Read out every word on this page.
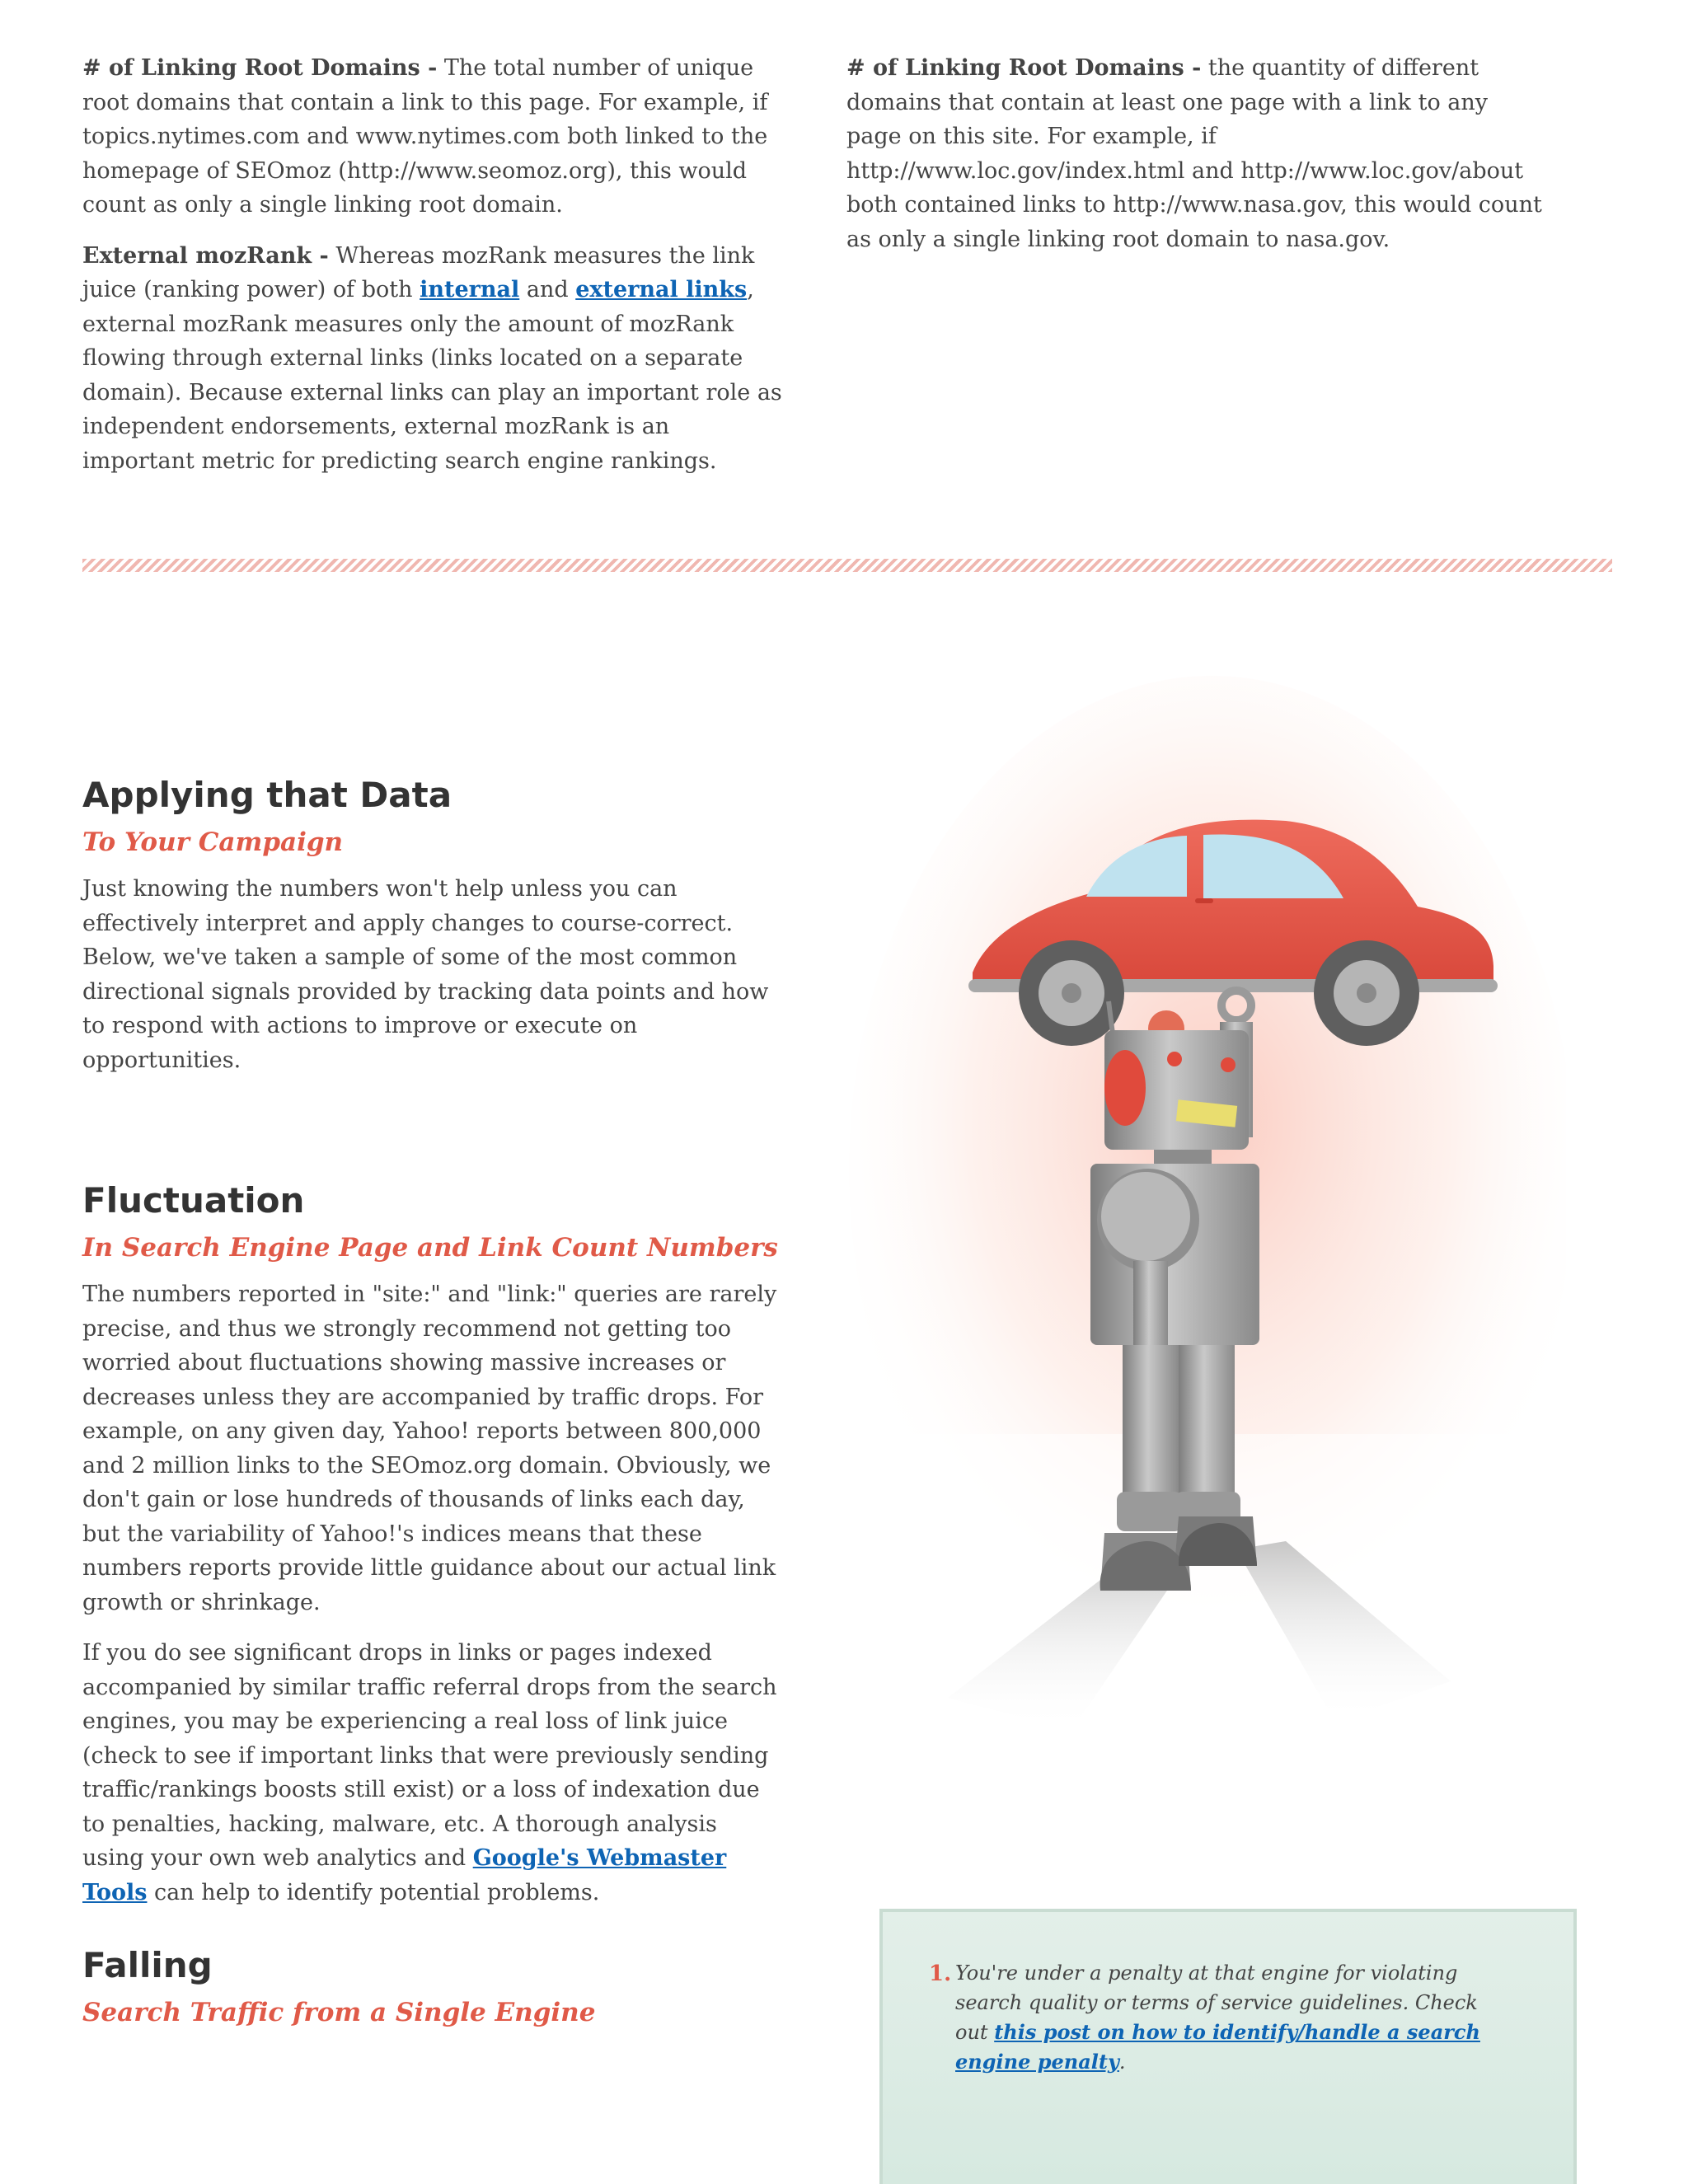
# of Linking Root Domains - The total number of unique root domains that contain a link to this page. For example, if topics.nytimes.com and www.nytimes.com both linked to the homepage of SEOmoz (http://www.seomoz.org), this would count as only a single linking root domain.

External mozRank - Whereas mozRank measures the link juice (ranking power) of both internal and external links, external mozRank measures only the amount of mozRank flowing through external links (links located on a separate domain). Because external links can play an important role as independent endorsements, external mozRank is an important metric for predicting search engine rankings.

# of Linking Root Domains - the quantity of different domains that contain at least one page with a link to any page on this site. For example, if http://www.loc.gov/index.html and http://www.loc.gov/about both contained links to http://www.nasa.gov, this would count as only a single linking root domain to nasa.gov.

Applying that Data
To Your Campaign

Just knowing the numbers won't help unless you can effectively interpret and apply changes to course-correct. Below, we've taken a sample of some of the most common directional signals provided by tracking data points and how to respond with actions to improve or execute on opportunities.

Fluctuation
In Search Engine Page and Link Count Numbers

The numbers reported in "site:" and "link:" queries are rarely precise, and thus we strongly recommend not getting too worried about fluctuations showing massive increases or decreases unless they are accompanied by traffic drops. For example, on any given day, Yahoo! reports between 800,000 and 2 million links to the SEOmoz.org domain. Obviously, we don't gain or lose hundreds of thousands of links each day, but the variability of Yahoo!'s indices means that these numbers reports provide little guidance about our actual link growth or shrinkage.

If you do see significant drops in links or pages indexed accompanied by similar traffic referral drops from the search engines, you may be experiencing a real loss of link juice (check to see if important links that were previously sending traffic/rankings boosts still exist) or a loss of indexation due to penalties, hacking, malware, etc. A thorough analysis using your own web analytics and Google's Webmaster Tools can help to identify potential problems.

Falling
Search Traffic from a Single Engine
1. You're under a penalty at that engine for violating search quality or terms of service guidelines. Check out this post on how to identify/handle a search engine penalty.
